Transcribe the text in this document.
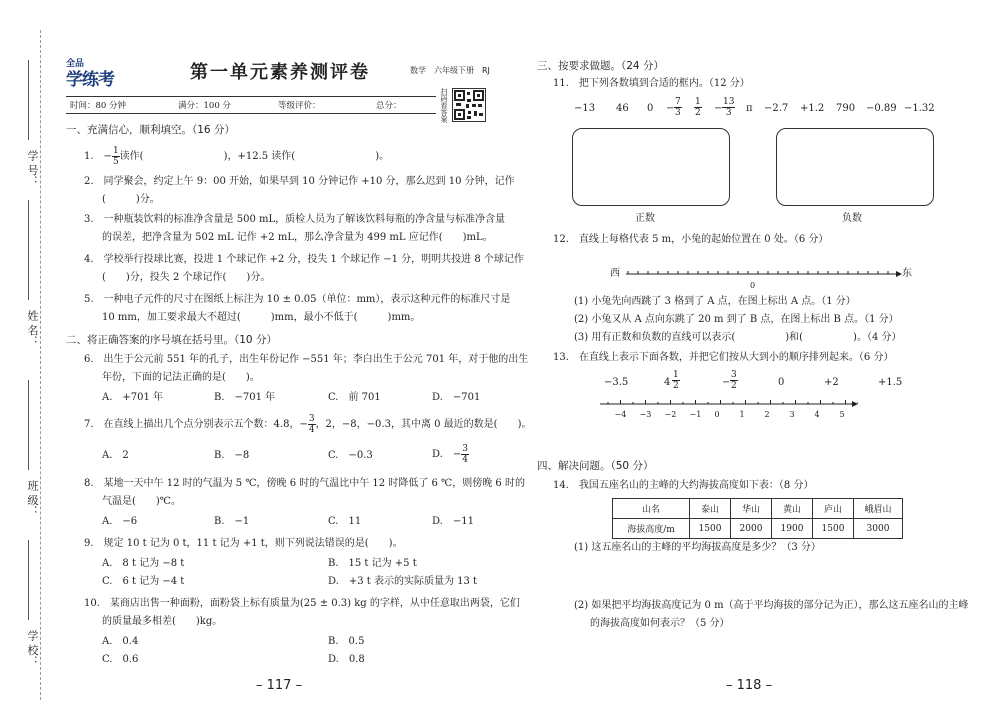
学 号：
姓 名：
班 级：
学 校：
全品
学练考	第一单元素养测评卷	数学　六年级下册　RJ
时间：80 分钟	满分：100 分	等级评价：	总分：	扫码看答案
一、充满信心，顺利填空。（16 分）
1.　− $\frac{1}{5}$ 读作(　　　　　　　　)，+12.5 读作(　　　　　　　　)。
2.　同学聚会，约定上午 9：00 开始，如果早到 10 分钟记作 +10 分，那么迟到 10 分钟，记作
(　　　)分。
3.　一种瓶装饮料的标准净含量是 500 mL，质检人员为了解该饮料每瓶的净含量与标准净含量
的误差，把净含量为 502 mL 记作 +2 mL，那么净含量为 499 mL 应记作(　　)mL。
4.　学校举行投球比赛，投进 1 个球记作 +2 分，投失 1 个球记作 −1 分，明明共投进 8 个球记作
(　　)分，投失 2 个球记作(　　)分。
5.　一种电子元件的尺寸在图纸上标注为 10 ± 0.05（单位：mm），表示这种元件的标准尺寸是
10 mm，加工要求最大不超过(　　　)mm，最小不低于(　　　)mm。
二、将正确答案的序号填在括号里。（10 分）
6.　出生于公元前 551 年的孔子，出生年份记作 −551 年；李白出生于公元 701 年，对于他的出生
年份，下面的记法正确的是(　　)。
A.　+701 年	B.　−701 年	C.　前 701	D.　−701
7.　在直线上描出几个点分别表示五个数：4.8，− $\frac{3}{4}$ ，2，−8，−0.3，其中离 0 最近的数是(　　)。
A.　2	B.　−8	C.　−0.3	D.　− $\frac{3}{4}$
8.　某地一天中午 12 时的气温为 5 ℃，傍晚 6 时的气温比中午 12 时降低了 6 ℃，则傍晚 6 时的
气温是(　　)℃。
A.　−6	B.　−1	C.　11	D.　−11
9.　规定 10 t 记为 0 t，11 t 记为 +1 t，则下列说法错误的是(　　)。
A.　8 t 记为 −8 t	B.　15 t 记为 +5 t
C.　6 t 记为 −4 t	D.　+3 t 表示的实际质量为 13 t
10.　某商店出售一种面粉，面粉袋上标有质量为(25 ± 0.3) kg 的字样，从中任意取出两袋，它们
的质量最多相差(　　)kg。
A.　0.4	B.　0.5
C.　0.6	D.　0.8
– 117 –
三、按要求做题。（24 分）
11.　把下列各数填到合适的框内。（12 分）
−13 46 $0 - \frac{7}{3} \frac{1}{2} - \frac{13}{3}$ π −2.7 +1.2 790 −0.89 −1.32
正数	负数
12.　直线上每格代表 5 m，小兔的起始位置在 0 处。（6 分）
西	东
0
(1) 小兔先向西跳了 3 格到了 A 点，在图上标出 A 点。（1 分）
(2) 小兔又从 A 点向东跳了 20 m 到了 B 点，在图上标出 B 点。（1 分）
(3) 用有正数和负数的直线可以表示(　　　　　)和(　　　　　)。（4 分）
13.　在直线上表示下面各数，并把它们按从大到小的顺序排列起来。（6 分）
−3.5	$4 \frac{1}{2}$	− $\frac{3}{2}$	0	+2	+1.5
−4 −3 −2 −1 0 1 2 3 4 5
四、解决问题。（50 分）
14.　我国五座名山的主峰的大约海拔高度如下表：（8 分）
山名	泰山	华山	黄山	庐山	峨眉山
海拔高度/m	1500	2000	1900	1500	3000
(1) 这五座名山的主峰的平均海拔高度是多少？（3 分）
(2) 如果把平均海拔高度记为 0 m（高于平均海拔的部分记为正），那么这五座名山的主峰
的海拔高度如何表示？（5 分）
– 118 –
